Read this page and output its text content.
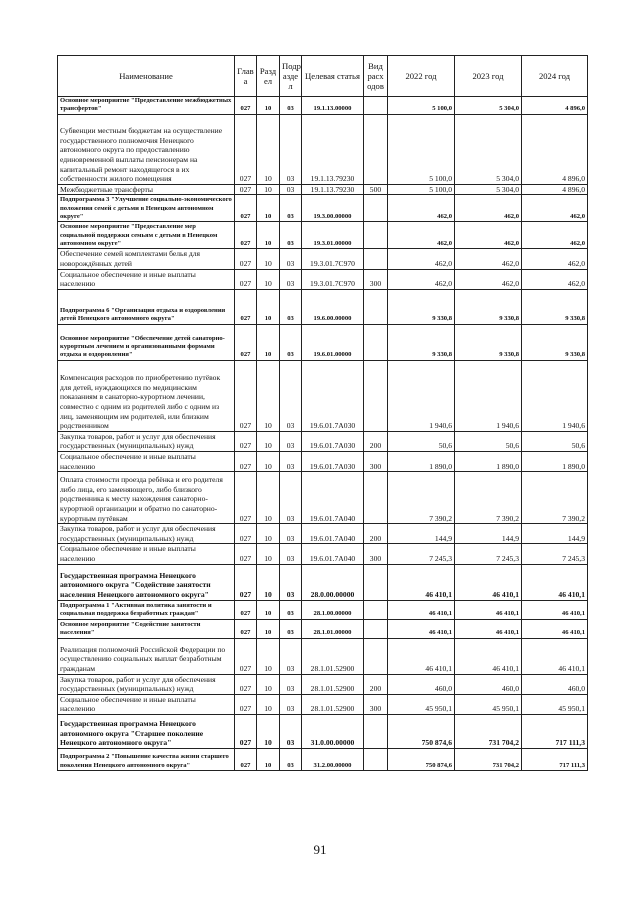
Наименование	Глав а	Разд ел	Подр азде л	Целевая статья	Вид расх одов	2022 год	2023 год	2024 год
Основное мероприятие "Предоставление межбюджетных трансфертов"	027	10	03	19.1.13.00000		5 100,0	5 304,0	4 896,0
Субвенции местным бюджетам на осуществление государственного полномочия Ненецкого автономного округа по предоставлению единовременной выплаты пенсионерам на капитальный ремонт находящегося в их собственности жилого помещения	027	10	03	19.1.13.79230		5 100,0	5 304,0	4 896,0
Межбюджетные трансферты	027	10	03	19.1.13.79230	500	5 100,0	5 304,0	4 896,0
Подпрограмма 3 "Улучшение социально-экономического положения семей с детьми в Ненецком автономном округе"	027	10	03	19.3.00.00000		462,0	462,0	462,0
Основное мероприятие "Предоставление мер социальной поддержки семьям с детьми в Ненецком автономном округе"	027	10	03	19.3.01.00000		462,0	462,0	462,0
Обеспечение семей комплектами белья для новорождённых детей	027	10	03	19.3.01.7C970		462,0	462,0	462,0
Социальное обеспечение и иные выплаты населению	027	10	03	19.3.01.7C970	300	462,0	462,0	462,0
Подпрограмма 6 "Организация отдыха и оздоровления детей Ненецкого автономного округа"	027	10	03	19.6.00.00000		9 330,8	9 330,8	9 330,8
Основное мероприятие "Обеспечение детей санаторно-курортным лечением и организованными формами отдыха и оздоровления"	027	10	03	19.6.01.00000		9 330,8	9 330,8	9 330,8
Компенсация расходов по приобретению путёвок для детей, нуждающихся по медицинским показаниям в санаторно-курортном лечении, совместно с одним из родителей либо с одним из лиц, заменяющим им родителей, или близким родственником	027	10	03	19.6.01.7A030		1 940,6	1 940,6	1 940,6
Закупка товаров, работ и услуг для обеспечения государственных (муниципальных) нужд	027	10	03	19.6.01.7A030	200	50,6	50,6	50,6
Социальное обеспечение и иные выплаты населению	027	10	03	19.6.01.7A030	300	1 890,0	1 890,0	1 890,0
Оплата стоимости проезда ребёнка и его родителя либо лица, его заменяющего, либо близкого родственника к месту нахождения санаторно-курортной организации и обратно по санаторно-курортным путёвкам	027	10	03	19.6.01.7A040		7 390,2	7 390,2	7 390,2
Закупка товаров, работ и услуг для обеспечения государственных (муниципальных) нужд	027	10	03	19.6.01.7A040	200	144,9	144,9	144,9
Социальное обеспечение и иные выплаты населению	027	10	03	19.6.01.7A040	300	7 245,3	7 245,3	7 245,3
Государственная программа Ненецкого автономного округа "Содействие занятости населения Ненецкого автономного округа"	027	10	03	28.0.00.00000		46 410,1	46 410,1	46 410,1
Подпрограмма 1 "Активная политика занятости и социальная поддержка безработных граждан"	027	10	03	28.1.00.00000		46 410,1	46 410,1	46 410,1
Основное мероприятие "Содействие занятости населения"	027	10	03	28.1.01.00000		46 410,1	46 410,1	46 410,1
Реализация полномочий Российской Федерации по осуществлению социальных выплат безработным гражданам	027	10	03	28.1.01.52900		46 410,1	46 410,1	46 410,1
Закупка товаров, работ и услуг для обеспечения государственных (муниципальных) нужд	027	10	03	28.1.01.52900	200	460,0	460,0	460,0
Социальное обеспечение и иные выплаты населению	027	10	03	28.1.01.52900	300	45 950,1	45 950,1	45 950,1
Государственная программа Ненецкого автономного округа "Старшее поколение Ненецкого автономного округа"	027	10	03	31.0.00.00000		750 874,6	731 704,2	717 111,3
Подпрограмма 2 "Повышение качества жизни старшего поколения Ненецкого автономного округа"	027	10	03	31.2.00.00000		750 874,6	731 704,2	717 111,3
91
